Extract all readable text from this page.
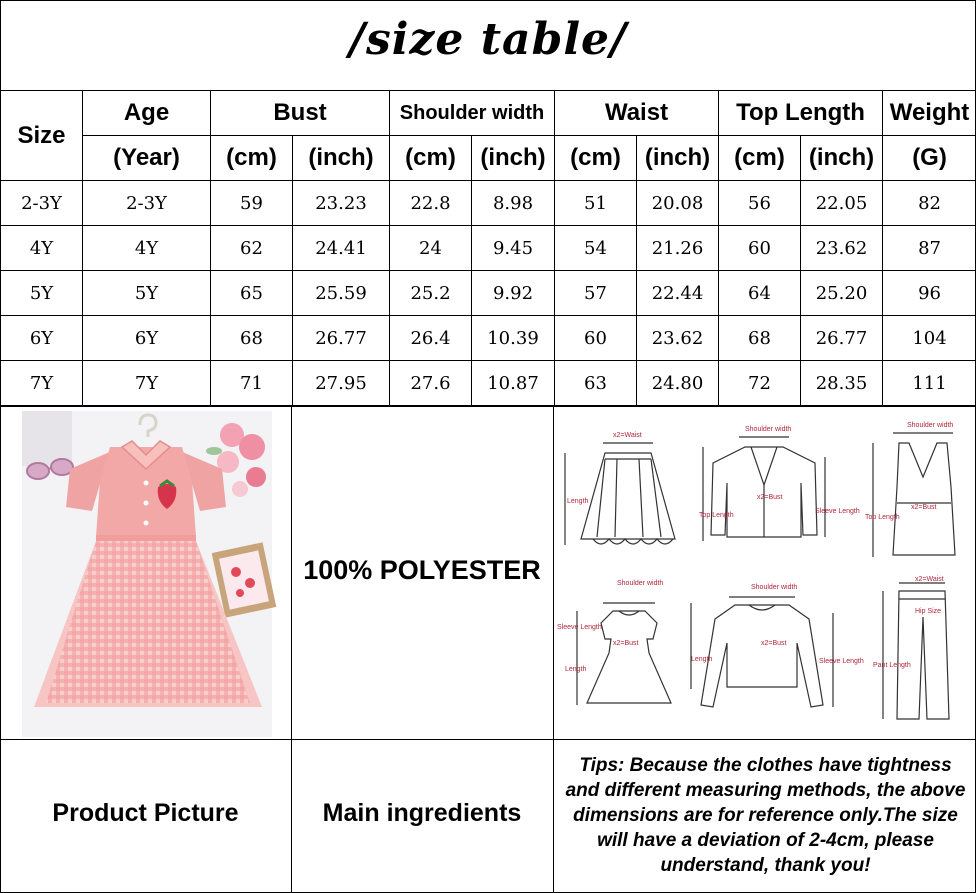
/size table/
Size	Age	Bust		Shoulder width		Waist		Top Length		Weight
	(Year)	(cm)	(inch)	(cm)	(inch)	(cm)	(inch)	(cm)	(inch)	(G)
2-3Y	2-3Y	59	23.23	22.8	8.98	51	20.08	56	22.05	82
4Y	4Y	62	24.41	24	9.45	54	21.26	60	23.62	87
5Y	5Y	65	25.59	25.2	9.92	57	22.44	64	25.20	96
6Y	6Y	68	26.77	26.4	10.39	60	23.62	68	26.77	104
7Y	7Y	71	27.95	27.6	10.87	63	24.80	72	28.35	111
100% POLYESTER
x2=Waist
Length
Shoulder width
Top Length
x2=Bust
Sleeve Length
Shoulder width
Top Length
x2=Bust
Shoulder width
Sleeve Length
x2=Bust
Length
Shoulder width
x2=Bust
Length	Sleeve Length
x2=Waist
Hip Size
Pant Length
Product Picture	Main ingredients
Tips: Because the clothes have tightness and different measuring methods, the above dimensions are for reference only.The size will have a deviation of 2-4cm, please understand, thank you!
